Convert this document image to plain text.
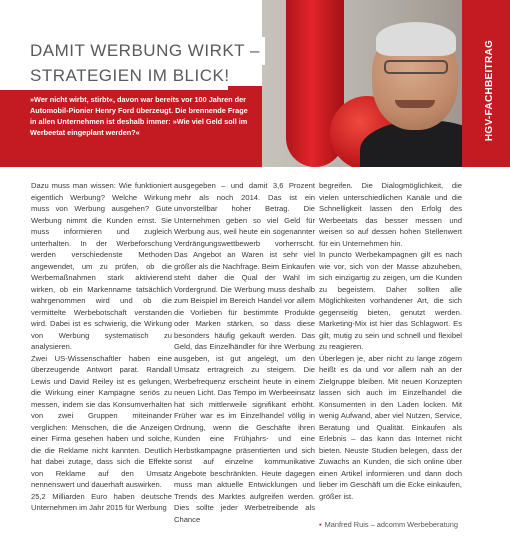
»Wer nicht wirbt, stirbt«, davon war bereits vor 100 Jahren der Automobil-Pionier Henry Ford überzeugt. Die brennende Frage in allen Unternehmen ist deshalb immer: »Wie viel Geld soll im Werbeetat eingeplant werden?«

DAMIT WERBUNG WIRKT –
STRATEGIEN IM BLICK!	HGV-FACHBEITRAG

Dazu muss man wissen: Wie funktioniert eigentlich Werbung? Welche Wirkung muss von Werbung ausgehen? Gute Werbung nimmt die Kunden ernst. Sie muss informieren und zugleich unterhalten. In der Werbeforschung werden verschiedenste Methoden angewendet, um zu prüfen, ob die Werbemaßnahmen stark aktivierend wirken, ob ein Markenname tatsächlich wahrgenommen wird und ob die vermittelte Werbebotschaft verstanden wird. Dabei ist es schwierig, die Wirkung von Werbung systematisch zu analysieren.

Zwei US-Wissenschaftler haben eine überzeugende Antwort parat. Randall Lewis und David Reiley ist es gelungen, die Wirkung einer Kampagne seriös zu messen, indem sie das Konsumverhalten von zwei Gruppen miteinander verglichen: Menschen, die die Anzeigen einer Firma gesehen haben und solche, die die Reklame nicht kannten. Deutlich hat dabei zutage, dass sich die Effekte von Reklame auf den Umsatz nennenswert und dauerhaft auswirken.

25,2 Milliarden Euro haben deutsche Unternehmen im Jahr 2015 für Werbung

ausgegeben – und damit 3,6 Prozent mehr als noch 2014. Das ist ein unvorstellbar hoher Betrag. Die Unternehmen geben so viel Geld für Werbung aus, weil heute ein sogenannter Verdrängungswettbewerb vorherrscht. Das Angebot an Waren ist sehr viel größer als die Nachfrage. Beim Einkaufen steht daher die Qual der Wahl im Vordergrund. Die Werbung muss deshalb zum Beispiel im Bereich Handel vor allem die Vorlieben für bestimmte Produkte oder Marken stärken, so dass diese besonders häufig gekauft werden. Das Geld, das Einzelhändler für ihre Werbung ausgeben, ist gut angelegt, um den Umsatz ertragreich zu steigern. Die Werbefrequenz erscheint heute in einem neuen Licht. Das Tempo im Werbeeinsatz hat sich mittlerweile signifikant erhöht. Früher war es im Einzelhandel völlig in Ordnung, wenn die Geschäfte ihren Kunden eine Frühjahrs- und eine Herbstkampagne präsentierten und sich sonst auf einzelne kommunikative Angebote beschränkten. Heute dagegen muss man aktuelle Entwicklungen und Trends des Marktes aufgreifen werden. Dies sollte jeder Werbetreibende als Chance

begreifen. Die Dialogmöglichkeit, die vielen unterschiedlichen Kanäle und die Schnelligkeit lassen den Erfolg des Werbeetats das besser messen und weisen so auf dessen hohen Stellenwert für ein Unternehmen hin.

In puncto Werbekampagnen gilt es nach wie vor, sich von der Masse abzuheben, sich einzigartig zu zeigen, um die Kunden zu begeistern. Daher sollten alle Möglichkeiten vorhandener Art, die sich gegenseitig bieten, genutzt werden. Marketing-Mix ist hier das Schlagwort. Es gilt, mutig zu sein und schnell und flexibel zu reagieren.

Überlegen je, aber nicht zu lange zögern heißt es da und vor allem nah an der Zielgruppe bleiben. Mit neuen Konzepten lassen sich auch im Einzelhandel die Konsumenten in den Laden locken. Mit wenig Aufwand, aber viel Nutzen, Service, Beratung und Qualität. Einkaufen als Erlebnis – das kann das Internet nicht bieten. Neuste Studien belegen, dass der Zuwachs an Kunden, die sich online über einen Artikel informieren und dann doch lieber im Geschäft um die Ecke einkaufen, größer ist.

▪ Manfred Ruis – adcomm Werbeberatung
